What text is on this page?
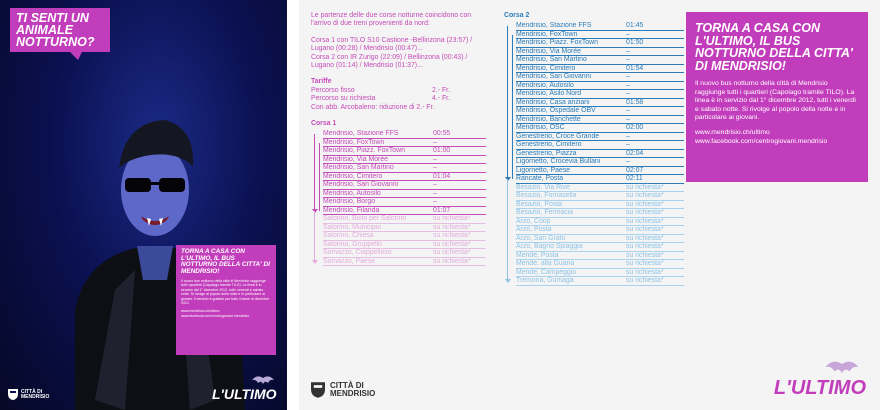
TI SENTI UN ANIMALE NOTTURNO?
TORNA A CASA CON L'ULTIMO, IL BUS NOTTURNO DELLA CITTA' DI MENDRISIO!
Il nuovo bus notturno della città di Mendrisio raggiunge tutti i quartieri (Capolago tramite TILO). La linea è in servizio dal 1° dicembre 2012, tutti i venerdì e sabato notte. Si rivolge al popolo della notte e in particolare ai giovani. Il servizio è gratuito per tutto il mese di dicembre 2012.
www.mendrisio.ch/ultimo www.facebook.com/centrogiovani.mendrisio
CITTÀ DI
MENDRISIO	L'ULTIMO

Le partenze delle due corse notturne coincidono con l'arrivo di due treni provenienti da nord:

Corsa 1 con TILO S10 Castione -Bellinzona (23:57) / Lugano (00:28) / Mendrisio (00:47)...
Corsa 2 con IR Zurigo (22:09) / Bellinzona (00:43) / Lugano (01:14) / Mendrisio (01:37)...

Tariffe
Percorso fisso	2.- Fr.
Percorso su richiesta	4.- Fr.
Con abb. Arcobaleno: riduzione di 2.- Fr.
Corsa 1
Mendrisio, Stazione FFS	00:55
Mendrisio, FoxTown	–
Mendrisio, Piazz. FoxTown	01:00
Mendrisio, Via Morée	–
Mendrisio, San Martino	–
Mendrisio, Cimitero	01:04
Mendrisio, San Giovanni	–
Mendrisio, Autosilo	–
Mendrisio, Borgo	–
Mendrisio, Filanda	01:07
Salorino, Bivio per Salorino	su richiesta*
Salorino, Municipio	su richiesta*
Salorino, Chiesa	su richiesta*
Salorino, Gruppello	su richiesta*
Somazzo, Ciappelloso	su richiesta*
Somazzo, Paese	su richiesta*
Corsa 2
Mendrisio, Stazione FFS	01:45
Mendrisio, FoxTown	–
Mendrisio, Piazz. FoxTown	01:50
Mendrisio, Via Morée	–
Mendrisio, San Martino	–
Mendrisio, Cimitero	01:54
Mendrisio, San Giovanni	–
Mendrisio, Autosilo	–
Mendrisio, Asilo Nord	–
Mendrisio, Casa anziani	01:58
Mendrisio, Ospedale OBV	–
Mendrisio, Banchette	–
Mendrisio, OSC	02:00
Genestrerio, Croce Grande	–
Genestrerio, Cimitero	–
Genestrerio, Piazza	02:04
Ligornetto, Crocevia Bullani	–
Ligornetto, Paese	02:07
Rancate, Posta	02:11
Besazio, Via Rive	su richiesta*
Besazio, Fornasella	su richiesta*
Besazio, Posta	su richiesta*
Besazio, Fermacia	su richiesta*
Arzo, Coop	su richiesta*
Arzo, Posta	su richiesta*
Arzo, San Grato	su richiesta*
Arzo, Bagno Spiaggia	su richiesta*
Meride, Posta	su richiesta*
Meride, alla Guana	su richiesta*
Meride, Campeggio	su richiesta*
Tremona, Gumaga	su richiesta*
TORNA A CASA CON L'ULTIMO, IL BUS NOTTURNO DELLA CITTA' DI MENDRISIO!
Il nuovo bus notturno della città di Mendrisio raggiunge tutti i quartieri (Capolago tramite TILO). La linea è in servizio dal 1° dicembre 2012, tutti i venerdì e sabato notte. Si rivolge al popolo della notte e in particolare ai giovani.
www.mendrisio.ch/ultimo
www.facebook.com/centrogiovani.mendrisio
CITTÀ DI
MENDRISIO	L'ULTIMO
